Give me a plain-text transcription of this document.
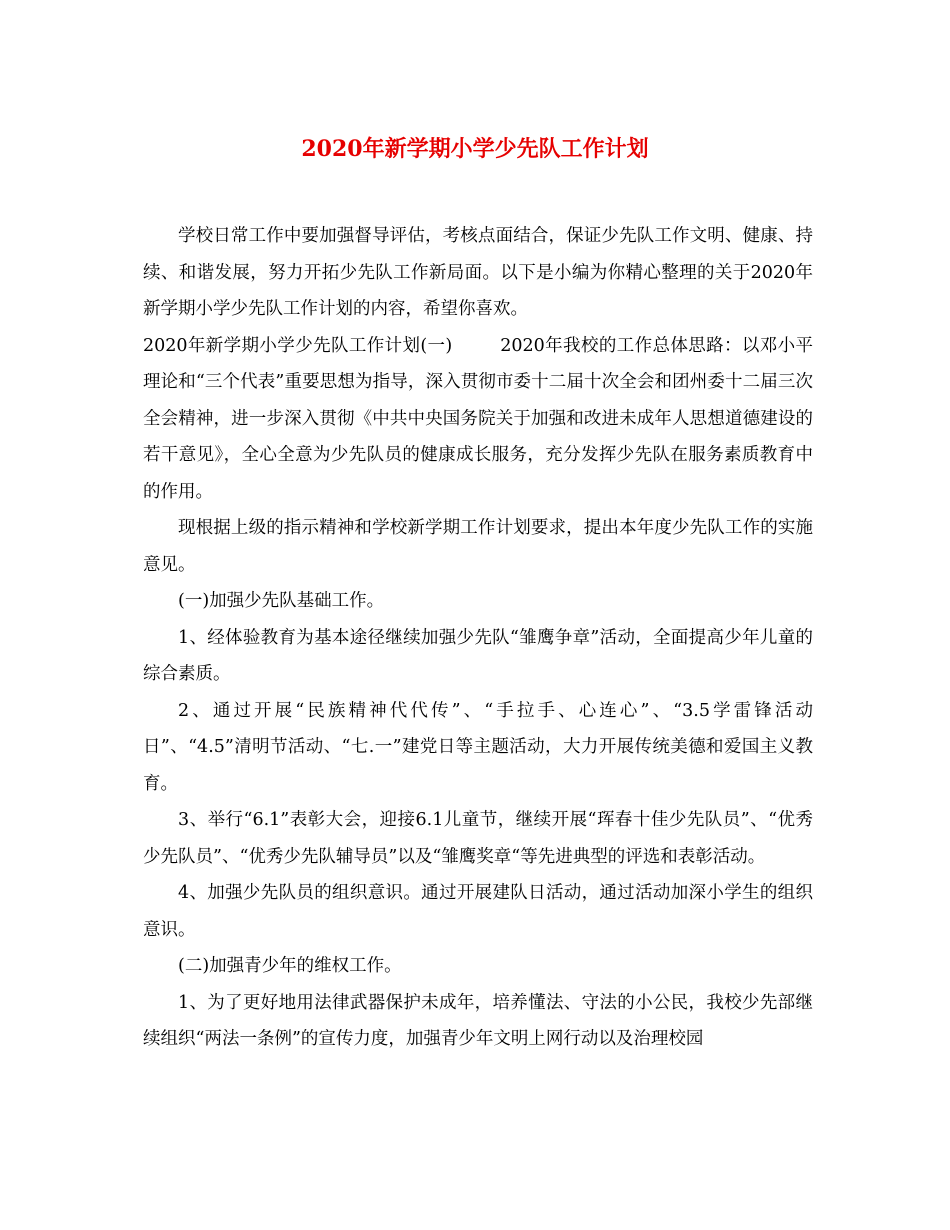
2020年新学期小学少先队工作计划

学校日常工作中要加强督导评估，考核点面结合，保证少先队工作文明、健康、持续、和谐发展，努力开拓少先队工作新局面。以下是小编为你精心整理的关于2020年新学期小学少先队工作计划的内容，希望你喜欢。

2020年新学期小学少先队工作计划(一)	2020年我校的工作总体思路：以邓小平理论和“三个代表”重要思想为指导，深入贯彻市委十二届十次全会和团州委十二届三次全会精神，进一步深入贯彻《中共中央国务院关于加强和改进未成年人思想道德建设的若干意见》，全心全意为少先队员的健康成长服务，充分发挥少先队在服务素质教育中的作用。

现根据上级的指示精神和学校新学期工作计划要求，提出本年度少先队工作的实施意见。

(一)加强少先队基础工作。

1、经体验教育为基本途径继续加强少先队“雏鹰争章”活动，全面提高少年儿童的综合素质。

2、通过开展“民族精神代代传”、“手拉手、心连心”、“3.5学雷锋活动日”、“4.5”清明节活动、“七.一”建党日等主题活动，大力开展传统美德和爱国主义教育。

3、举行“6.1”表彰大会，迎接6.1儿童节，继续开展“珲春十佳少先队员”、“优秀少先队员”、“优秀少先队辅导员”以及“雏鹰奖章“等先进典型的评选和表彰活动。

4、加强少先队员的组织意识。通过开展建队日活动，通过活动加深小学生的组织意识。

(二)加强青少年的维权工作。

1、为了更好地用法律武器保护未成年，培养懂法、守法的小公民，我校少先部继续组织“两法一条例”的宣传力度，加强青少年文明上网行动以及治理校园
